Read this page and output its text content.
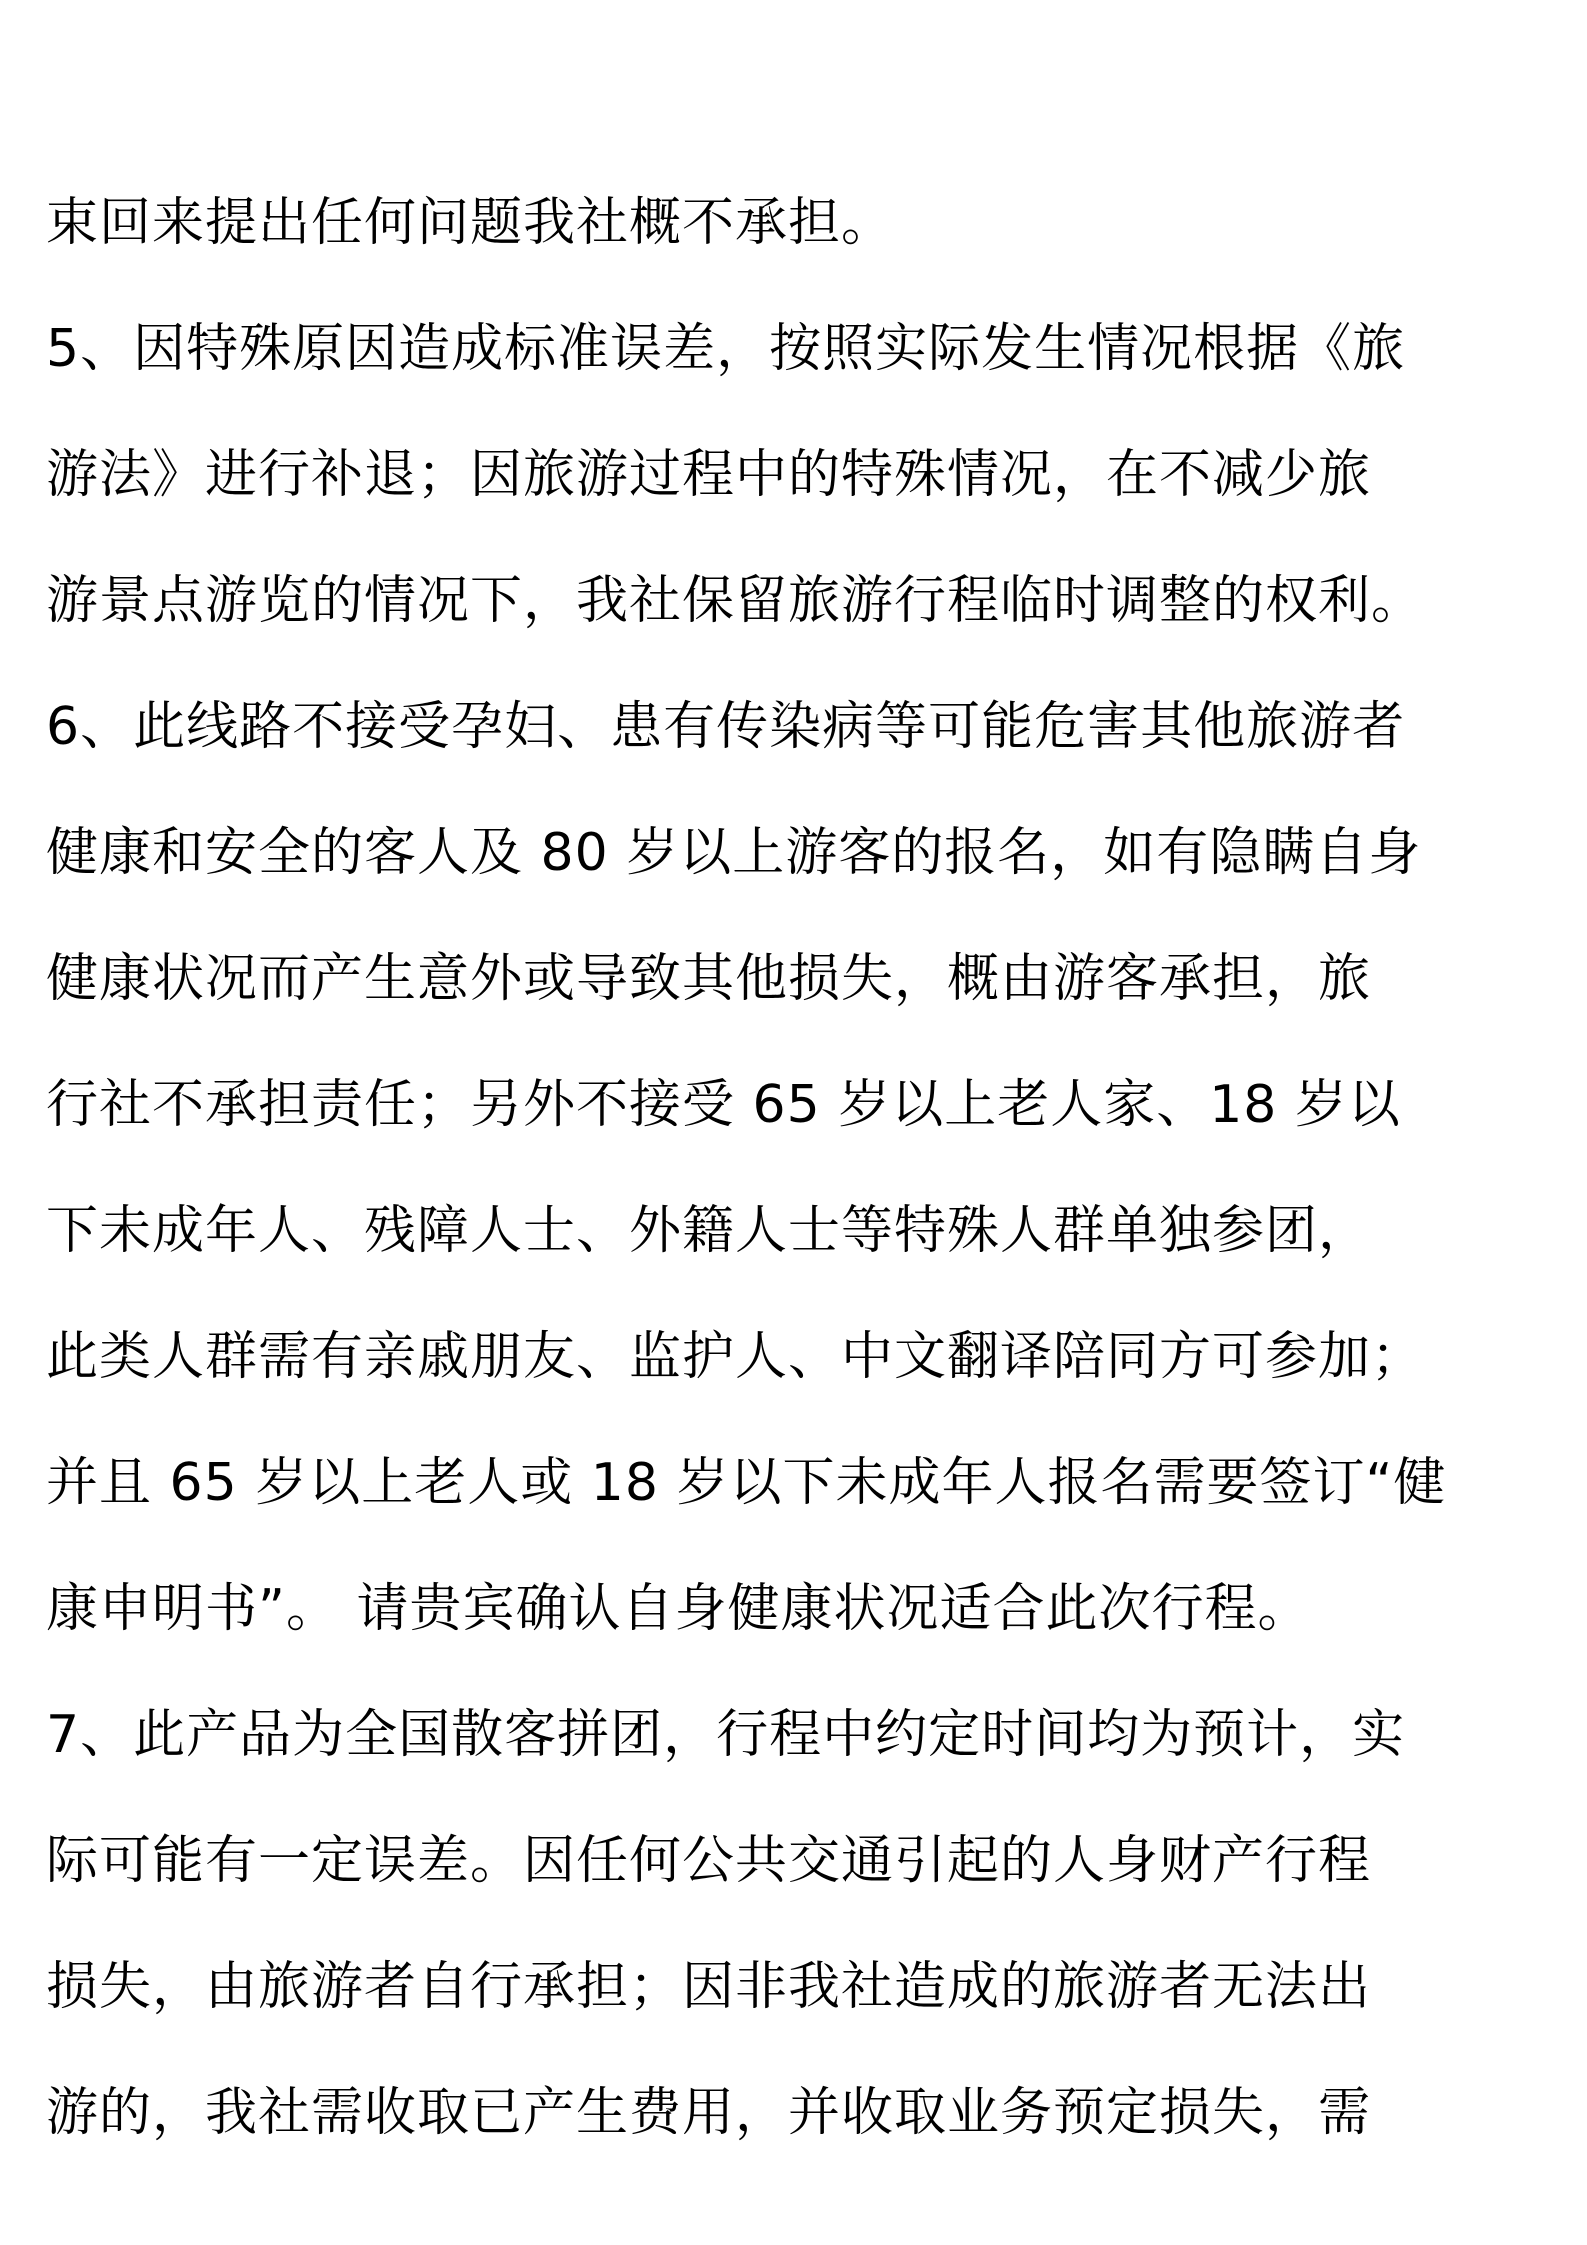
束回来提出任何问题我社概不承担。
5、因特殊原因造成标准误差，按照实际发生情况根据《旅
游法》进行补退；因旅游过程中的特殊情况，在不减少旅
游景点游览的情况下，我社保留旅游行程临时调整的权利。
6、此线路不接受孕妇、患有传染病等可能危害其他旅游者
健康和安全的客人及 80 岁以上游客的报名，如有隐瞒自身
健康状况而产生意外或导致其他损失，概由游客承担，旅
行社不承担责任；另外不接受 65 岁以上老人家、18 岁以
下未成年人、残障人士、外籍人士等特殊人群单独参团，
此类人群需有亲戚朋友、监护人、中文翻译陪同方可参加；
并且 65 岁以上老人或 18 岁以下未成年人报名需要签订“健
康申明书”。 请贵宾确认自身健康状况适合此次行程。
7、此产品为全国散客拼团，行程中约定时间均为预计，实
际可能有一定误差。因任何公共交通引起的人身财产行程
损失，由旅游者自行承担；因非我社造成的旅游者无法出
游的，我社需收取已产生费用，并收取业务预定损失，需
